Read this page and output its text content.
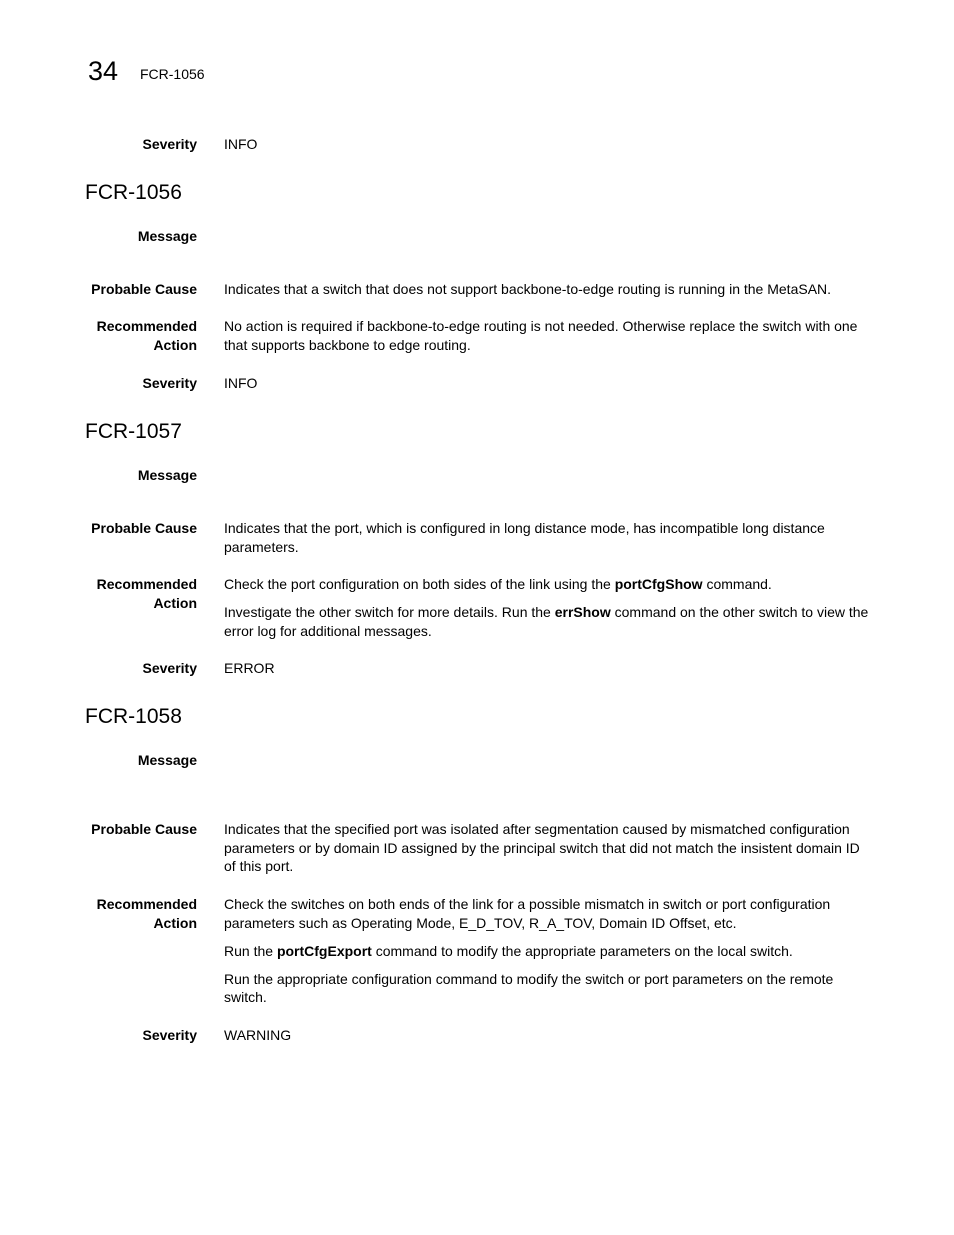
34 FCR-1056
Severity INFO
FCR-1056
Message
Probable Cause Indicates that a switch that does not support backbone-to-edge routing is running in the MetaSAN.
Recommended
Action

No action is required if backbone-to-edge routing is not needed. Otherwise replace the switch with one that supports backbone to edge routing.

Severity INFO
FCR-1057
Message
Probable Cause Indicates that the port, which is configured in long distance mode, has incompatible long distance parameters.
Recommended
Action

Check the port configuration on both sides of the link using the portCfgShow command.

Investigate the other switch for more details. Run the errShow command on the other switch to view the error log for additional messages.

Severity ERROR
FCR-1058
Message
Probable Cause Indicates that the specified port was isolated after segmentation caused by mismatched configuration parameters or by domain ID assigned by the principal switch that did not match the insistent domain ID of this port.
Recommended
Action

Check the switches on both ends of the link for a possible mismatch in switch or port configuration parameters such as Operating Mode, E_D_TOV, R_A_TOV, Domain ID Offset, etc.

Run the portCfgExport command to modify the appropriate parameters on the local switch.

Run the appropriate configuration command to modify the switch or port parameters on the remote switch.

Severity WARNING
